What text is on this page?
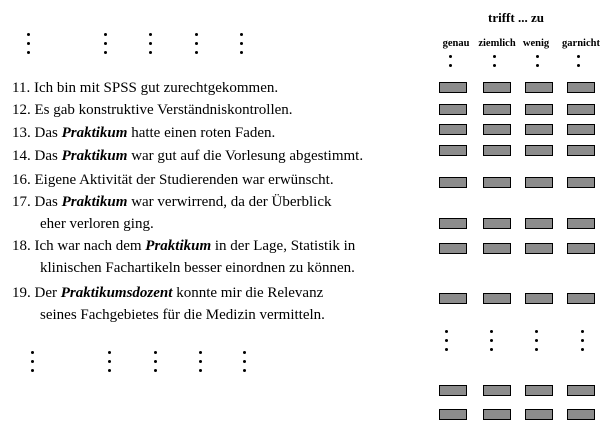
trifft ... zu
genau ziemlich wenig garnicht
11. Ich bin mit SPSS gut zurechtgekommen.
12. Es gab konstruktive Verständniskontrollen.
13. Das Praktikum hatte einen roten Faden.
14. Das Praktikum war gut auf die Vorlesung abgestimmt.
16. Eigene Aktivität der Studierenden war erwünscht.
17. Das Praktikum war verwirrend, da der Überblick
eher verloren ging.
18. Ich war nach dem Praktikum in der Lage, Statistik in
klinischen Fachartikeln besser einordnen zu können.
19. Der Praktikumsdozent konnte mir die Relevanz
seines Fachgebietes für die Medizin vermitteln.
